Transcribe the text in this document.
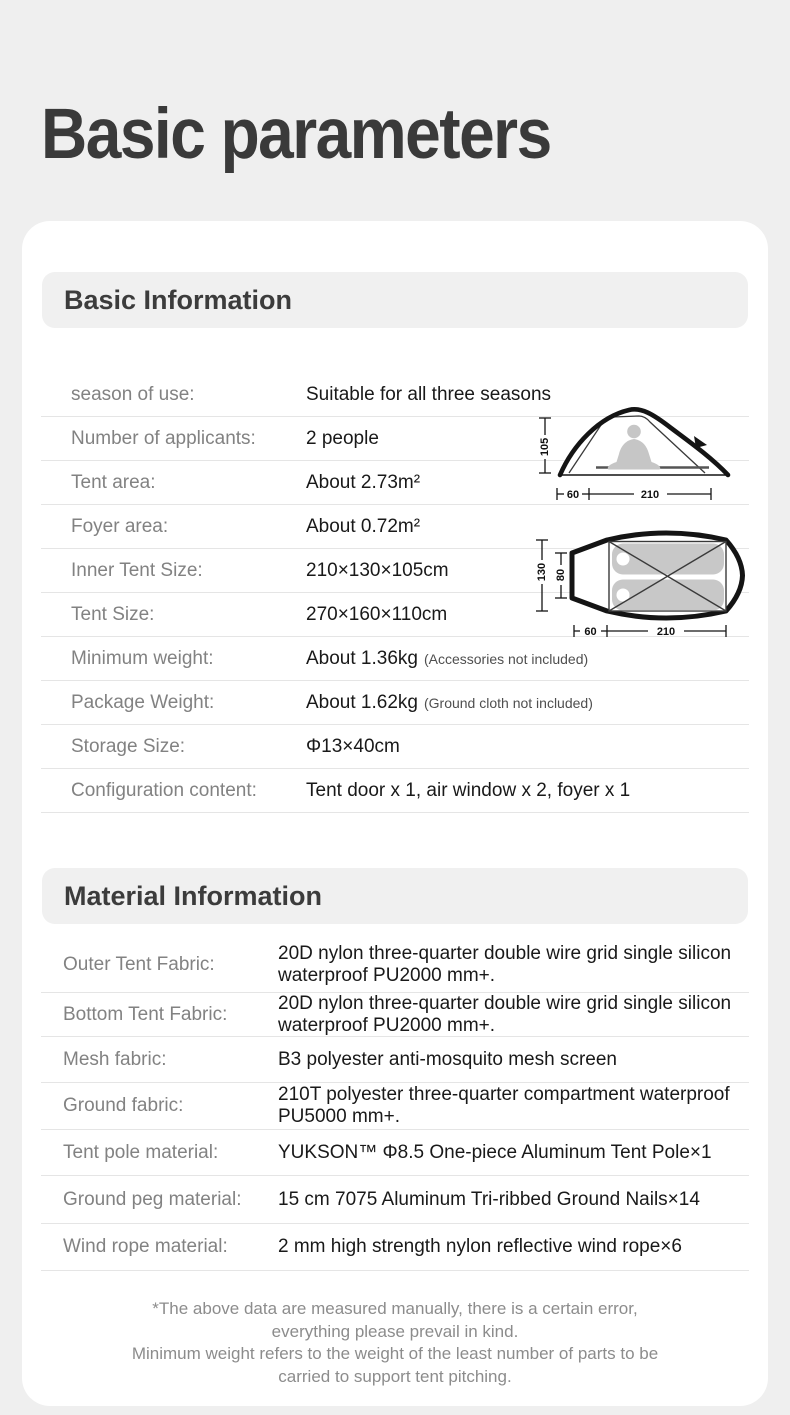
Basic parameters
Basic Information
season of use:	Suitable for all three seasons
Number of applicants:	2 people
Tent area:	About 2.73m²
Foyer area:	About 0.72m²
Inner Tent Size:	210×130×105cm
Tent Size:	270×160×110cm
Minimum weight:	About 1.36kg (Accessories not included)
Package Weight:	About 1.62kg (Ground cloth not included)
Storage Size:	Φ13×40cm
Configuration content:	Tent door x 1, air window x 2, foyer x 1
105
60	210
130 80
60	210
Material Information
Outer Tent Fabric:
20D nylon three-quarter double wire grid single silicon waterproof PU2000 mm+.
Bottom Tent Fabric:
20D nylon three-quarter double wire grid single silicon waterproof PU2000 mm+.
Mesh fabric:	B3 polyester anti-mosquito mesh screen
Ground fabric:
210T polyester three-quarter compartment waterproof PU5000 mm+.
Tent pole material:	YUKSON™ Φ8.5 One-piece Aluminum Tent Pole×1
Ground peg material:	15 cm 7075 Aluminum Tri-ribbed Ground Nails×14
Wind rope material:	2 mm high strength nylon reflective wind rope×6
*The above data are measured manually, there is a certain error,
everything please prevail in kind.
Minimum weight refers to the weight of the least number of parts to be
carried to support tent pitching.
